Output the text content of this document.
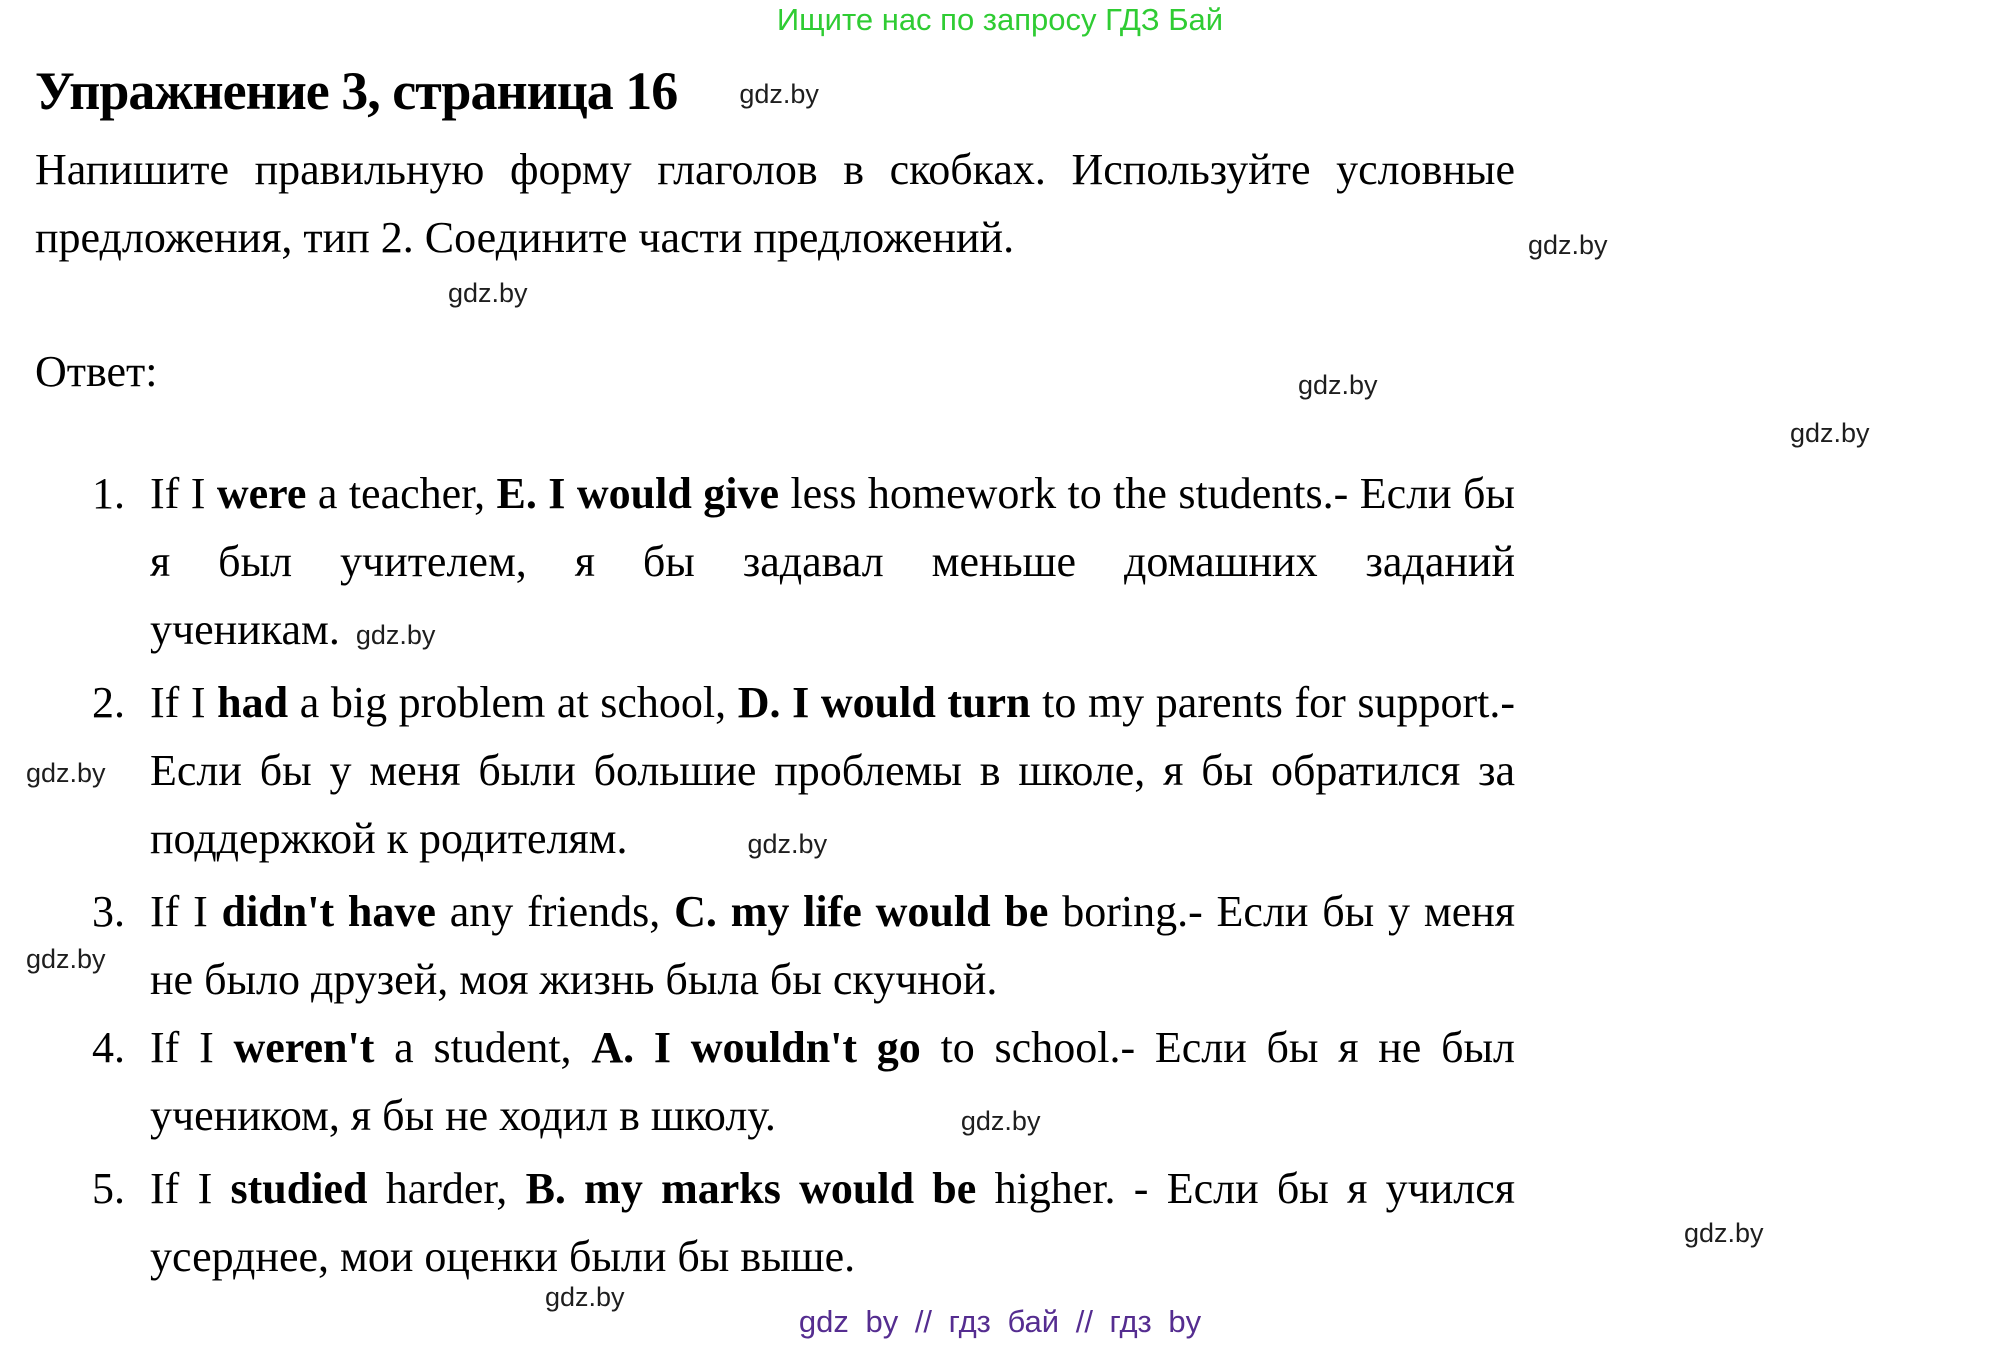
Ищите нас по запросу ГДЗ Бай
Упражнение 3, страница 16 gdz.by

Напишите правильную форму глаголов в скобках. Используйте условные предложения, тип 2. Соедините части предложений.

Ответ:

1. If I were a teacher, E. I would give less homework to the students.- Если бы я был учителем, я бы задавал меньше домашних заданий ученикам. gdz.by
2. If I had a big problem at school, D. I would turn to my parents for support.- Если бы у меня были большие проблемы в школе, я бы обратился за поддержкой к родителям.	gdz.by
3. If I didn't have any friends, C. my life would be boring.- Если бы у меня не было друзей, моя жизнь была бы скучной.
4. If I weren't a student, A. I wouldn't go to school.- Если бы я не был учеником, я бы не ходил в школу.	gdz.by
5. If I studied harder, B. my marks would be higher. - Если бы я учился усерднее, мои оценки были бы выше.
gdz.by
gdz.by
gdz.by
gdz.by
gdz.by
gdz.by
gdz.by
gdz.by
gdz by // гдз бай // гдз by
